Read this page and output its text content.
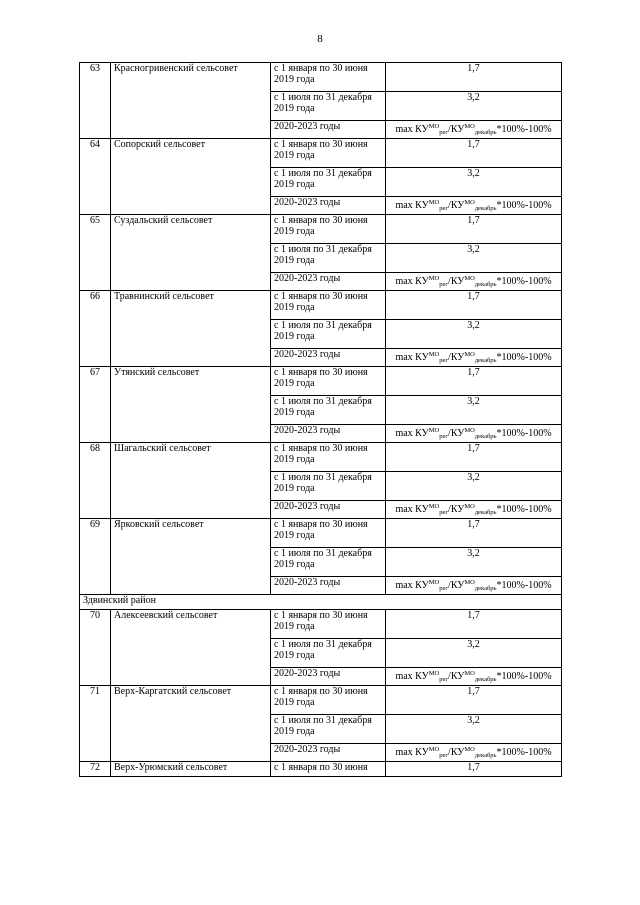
8
63	Красногривенский сельсовет	с 1 января по 30 июня 2019 года	1,7
		с 1 июля по 31 декабря 2019 года	3,2
		2020-2023 годы	$\max КУ^{МО}_{рег}/КУ^{МО}_{декабрь}*100\%-100\%$
64	Сопорский сельсовет	с 1 января по 30 июня 2019 года	1,7
		с 1 июля по 31 декабря 2019 года	3,2
		2020-2023 годы	$\max КУ^{МО}_{рег}/КУ^{МО}_{декабрь}*100\%-100\%$
65	Суздальский сельсовет	с 1 января по 30 июня 2019 года	1,7
		с 1 июля по 31 декабря 2019 года	3,2
		2020-2023 годы	$\max КУ^{МО}_{рег}/КУ^{МО}_{декабрь}*100\%-100\%$
66	Травнинский сельсовет	с 1 января по 30 июня 2019 года	1,7
		с 1 июля по 31 декабря 2019 года	3,2
		2020-2023 годы	$\max КУ^{МО}_{рег}/КУ^{МО}_{декабрь}*100\%-100\%$
67	Утянский сельсовет	с 1 января по 30 июня 2019 года	1,7
		с 1 июля по 31 декабря 2019 года	3,2
		2020-2023 годы	$\max КУ^{МО}_{рег}/КУ^{МО}_{декабрь}*100\%-100\%$
68	Шагальский сельсовет	с 1 января по 30 июня 2019 года	1,7
		с 1 июля по 31 декабря 2019 года	3,2
		2020-2023 годы	$\max КУ^{МО}_{рег}/КУ^{МО}_{декабрь}*100\%-100\%$
69	Ярковский сельсовет	с 1 января по 30 июня 2019 года	1,7
		с 1 июля по 31 декабря 2019 года	3,2
		2020-2023 годы	$\max КУ^{МО}_{рег}/КУ^{МО}_{декабрь}*100\%-100\%$
Здвинский район			
70	Алексеевский сельсовет	с 1 января по 30 июня 2019 года	1,7
		с 1 июля по 31 декабря 2019 года	3,2
		2020-2023 годы	$\max КУ^{МО}_{рег}/КУ^{МО}_{декабрь}*100\%-100\%$
71	Верх-Каргатский сельсовет	с 1 января по 30 июня 2019 года	1,7
		с 1 июля по 31 декабря 2019 года	3,2
		2020-2023 годы	$\max КУ^{МО}_{рег}/КУ^{МО}_{декабрь}*100\%-100\%$
72	Верх-Урюмский сельсовет	с 1 января по 30 июня	1,7
